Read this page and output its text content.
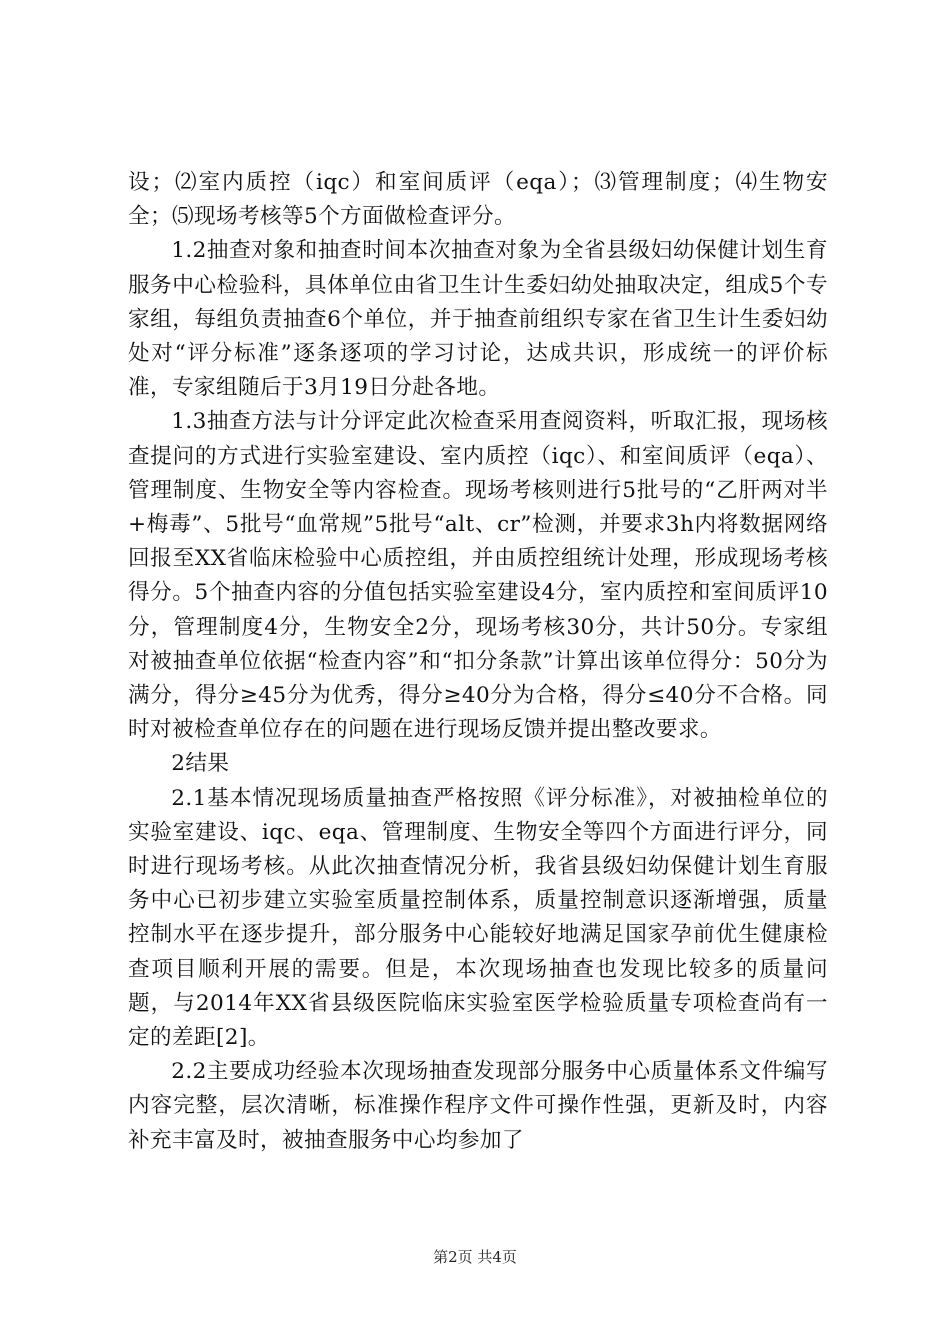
设；⑵室内质控（iqc）和室间质评（eqa）；⑶管理制度；⑷生物安全；⑸现场考核等5个方面做检查评分。

1.2抽查对象和抽查时间本次抽查对象为全省县级妇幼保健计划生育服务中心检验科，具体单位由省卫生计生委妇幼处抽取决定，组成5个专家组，每组负责抽查6个单位，并于抽查前组织专家在省卫生计生委妇幼处对“评分标准”逐条逐项的学习讨论，达成共识，形成统一的评价标准，专家组随后于3月19日分赴各地。

1.3抽查方法与计分评定此次检查采用查阅资料，听取汇报，现场核查提问的方式进行实验室建设、室内质控（iqc）、和室间质评（eqa）、管理制度、生物安全等内容检查。现场考核则进行5批号的“乙肝两对半+梅毒”、5批号“血常规”5批号“alt、cr”检测，并要求3h内将数据网络回报至XX省临床检验中心质控组，并由质控组统计处理，形成现场考核得分。5个抽查内容的分值包括实验室建设4分，室内质控和室间质评10分，管理制度4分，生物安全2分，现场考核30分，共计50分。专家组对被抽查单位依据“检查内容”和“扣分条款”计算出该单位得分：50分为满分，得分≥45分为优秀，得分≥40分为合格，得分≤40分不合格。同时对被检查单位存在的问题在进行现场反馈并提出整改要求。

2结果

2.1基本情况现场质量抽查严格按照《评分标准》，对被抽检单位的实验室建设、iqc、eqa、管理制度、生物安全等四个方面进行评分，同时进行现场考核。从此次抽查情况分析，我省县级妇幼保健计划生育服务中心已初步建立实验室质量控制体系，质量控制意识逐渐增强，质量控制水平在逐步提升，部分服务中心能较好地满足国家孕前优生健康检查项目顺利开展的需要。但是，本次现场抽查也发现比较多的质量问题，与2014年XX省县级医院临床实验室医学检验质量专项检查尚有一定的差距[2]。

2.2主要成功经验本次现场抽查发现部分服务中心质量体系文件编写内容完整，层次清晰，标准操作程序文件可操作性强，更新及时，内容补充丰富及时，被抽查服务中心均参加了

第2页 共4页
